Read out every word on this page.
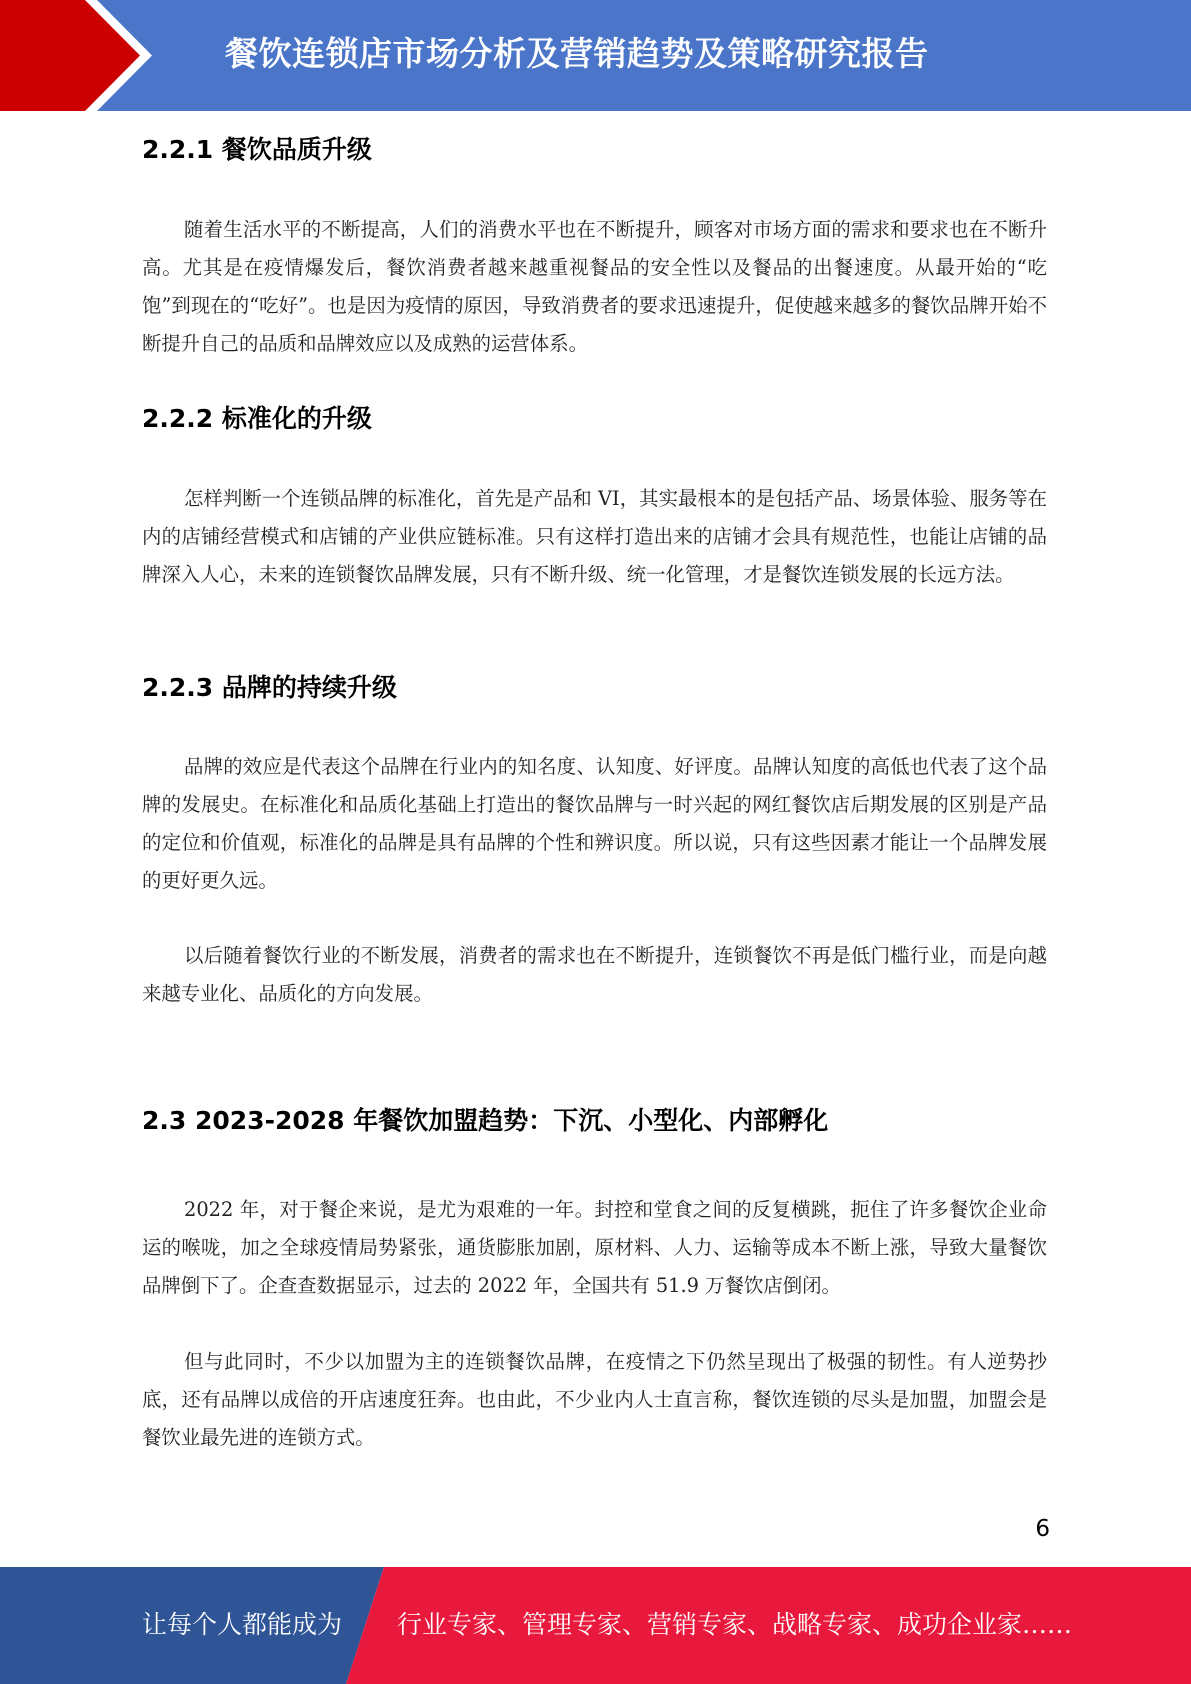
餐饮连锁店市场分析及营销趋势及策略研究报告
2.2.1 餐饮品质升级

随着生活水平的不断提高，人们的消费水平也在不断提升，顾客对市场方面的需求和要求也在不断升高。尤其是在疫情爆发后，餐饮消费者越来越重视餐品的安全性以及餐品的出餐速度。从最开始的“吃饱”到现在的“吃好”。也是因为疫情的原因，导致消费者的要求迅速提升，促使越来越多的餐饮品牌开始不断提升自己的品质和品牌效应以及成熟的运营体系。

2.2.2 标准化的升级

怎样判断一个连锁品牌的标准化，首先是产品和 VI，其实最根本的是包括产品、场景体验、服务等在内的店铺经营模式和店铺的产业供应链标准。只有这样打造出来的店铺才会具有规范性，也能让店铺的品牌深入人心，未来的连锁餐饮品牌发展，只有不断升级、统一化管理，才是餐饮连锁发展的长远方法。

2.2.3 品牌的持续升级

品牌的效应是代表这个品牌在行业内的知名度、认知度、好评度。品牌认知度的高低也代表了这个品牌的发展史。在标准化和品质化基础上打造出的餐饮品牌与一时兴起的网红餐饮店后期发展的区别是产品的定位和价值观，标准化的品牌是具有品牌的个性和辨识度。所以说，只有这些因素才能让一个品牌发展的更好更久远。

以后随着餐饮行业的不断发展，消费者的需求也在不断提升，连锁餐饮不再是低门槛行业，而是向越来越专业化、品质化的方向发展。

2.3 2023-2028 年餐饮加盟趋势：下沉、小型化、内部孵化

2022 年，对于餐企来说，是尤为艰难的一年。封控和堂食之间的反复横跳，扼住了许多餐饮企业命运的喉咙，加之全球疫情局势紧张，通货膨胀加剧，原材料、人力、运输等成本不断上涨，导致大量餐饮品牌倒下了。企查查数据显示，过去的 2022 年，全国共有 51.9 万餐饮店倒闭。

但与此同时，不少以加盟为主的连锁餐饮品牌，在疫情之下仍然呈现出了极强的韧性。有人逆势抄底，还有品牌以成倍的开店速度狂奔。也由此，不少业内人士直言称，餐饮连锁的尽头是加盟，加盟会是餐饮业最先进的连锁方式。

6
让每个人都能成为 行业专家、管理专家、营销专家、战略专家、成功企业家……
